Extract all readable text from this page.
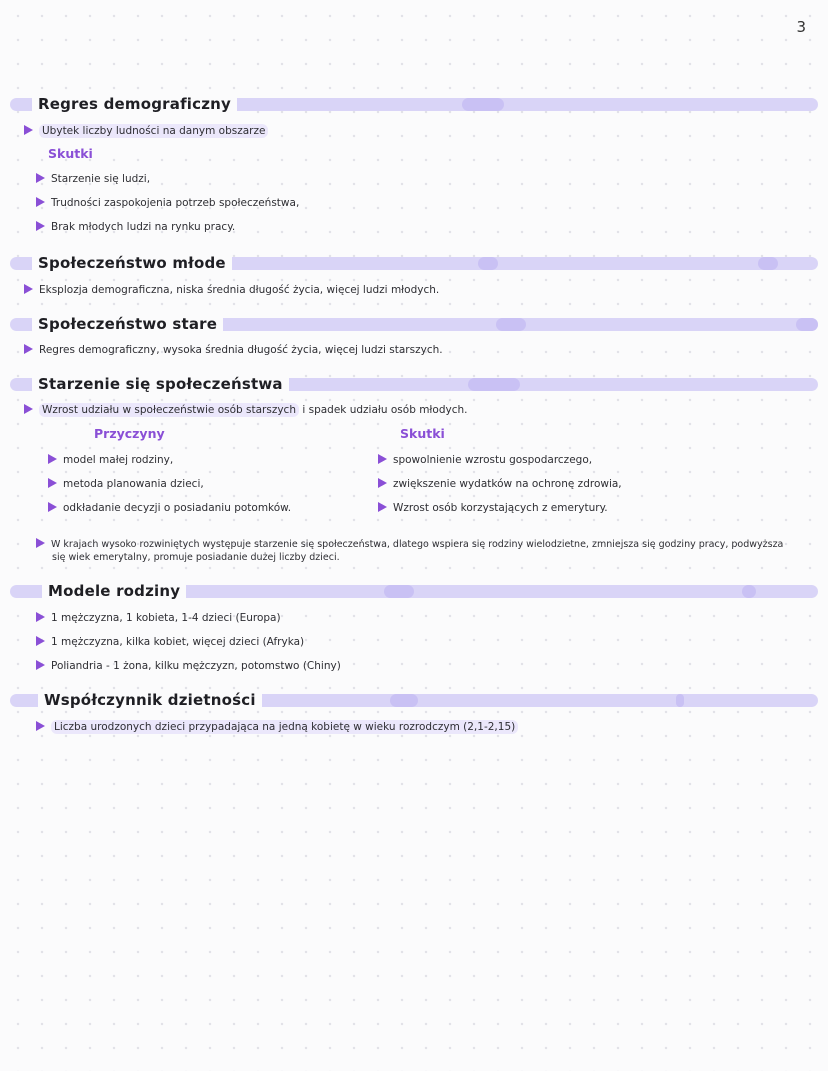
3
Regres demograficzny
Ubytek liczby ludności na danym obszarze
Skutki
Starzenie się ludzi,
Trudności zaspokojenia potrzeb społeczeństwa,
Brak młodych ludzi na rynku pracy.
Społeczeństwo młode
Eksplozja demograficzna, niska średnia długość życia, więcej ludzi młodych.
Społeczeństwo stare
Regres demograficzny, wysoka średnia długość życia, więcej ludzi starszych.
Starzenie się społeczeństwa
Wzrost udziału w społeczeństwie osób starszych i spadek udziału osób młodych.
Przyczyny	Skutki
model małej rodziny,
metoda planowania dzieci,
odkładanie decyzji o posiadaniu potomków.
spowolnienie wzrostu gospodarczego,
zwiększenie wydatków na ochronę zdrowia,
Wzrost osób korzystających z emerytury.
W krajach wysoko rozwiniętych występuje starzenie się społeczeństwa, dlatego wspiera się rodziny wielodzietne, zmniejsza się godziny pracy, podwyższa
się wiek emerytalny, promuje posiadanie dużej liczby dzieci.
Modele rodziny
1 mężczyzna, 1 kobieta, 1-4 dzieci (Europa)
1 mężczyzna, kilka kobiet, więcej dzieci (Afryka)
Poliandria - 1 żona, kilku mężczyzn, potomstwo (Chiny)
Współczynnik dzietności
Liczba urodzonych dzieci przypadająca na jedną kobietę w wieku rozrodczym (2,1-2,15)
